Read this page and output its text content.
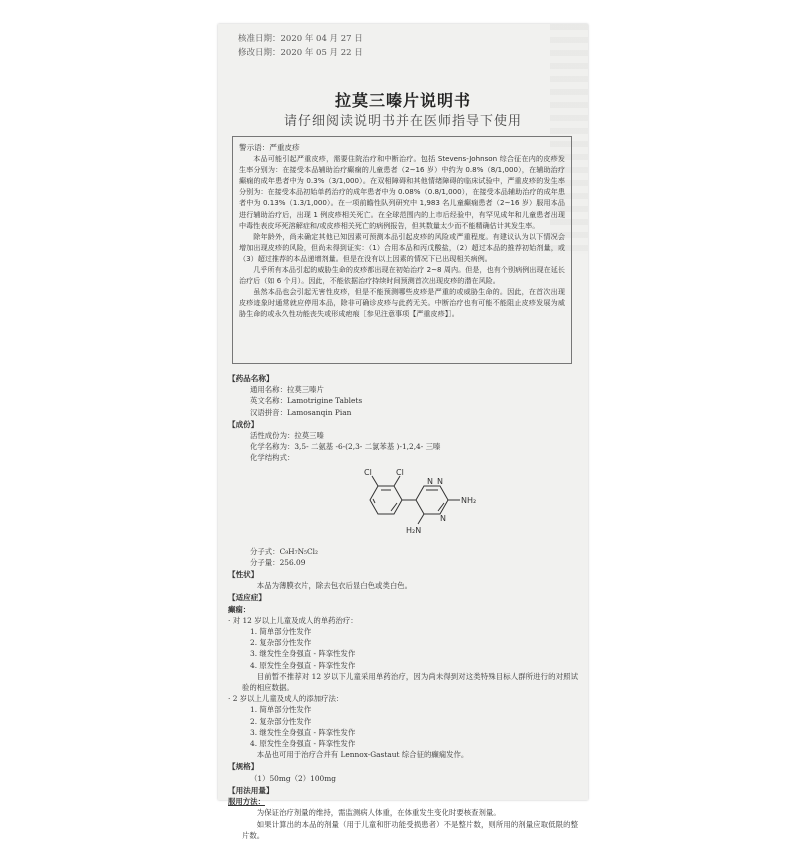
核准日期：2020 年 04 月 27 日
修改日期：2020 年 05 月 22 日
拉莫三嗪片说明书
请仔细阅读说明书并在医师指导下使用
警示语：严重皮疹

本品可能引起严重皮疹，需要住院治疗和中断治疗。包括 Stevens-Johnson 综合征在内的皮疹发生率分别为：在接受本品辅助治疗癫痫的儿童患者（2~16 岁）中约为 0.8%（8/1,000），在辅助治疗癫痫的成年患者中为 0.3%（3/1,000）。在双相障碍和其他情绪障碍的临床试验中，严重皮疹的发生率分别为：在接受本品初始单药治疗的成年患者中为 0.08%（0.8/1,000），在接受本品辅助治疗的成年患者中为 0.13%（1.3/1,000）。在一项前瞻性队列研究中 1,983 名儿童癫痫患者（2~16 岁）服用本品进行辅助治疗后，出现 1 例皮疹相关死亡。在全球范围内的上市后经验中，有罕见成年和儿童患者出现中毒性表皮坏死溶解症和/或皮疹相关死亡的病例报告，但其数量太少而不能精确估计其发生率。

除年龄外，尚未确定其他已知因素可预测本品引起皮疹的风险或严重程度。有建议认为以下情况会增加出现皮疹的风险，但尚未得到证实：（1）合用本品和丙戊酸盐，（2）超过本品的推荐初始剂量，或（3）超过推荐的本品递增剂量。但是在没有以上因素的情况下已出现相关病例。

几乎所有本品引起的威胁生命的皮疹都出现在初始治疗 2~8 周内。但是，也有个别病例出现在延长治疗后（如 6 个月）。因此，不能依据治疗持续时间预测首次出现皮疹的潜在风险。

虽然本品也会引起无害性皮疹，但是不能预测哪些皮疹是严重的或威胁生命的。因此，在首次出现皮疹迹象时通常就应停用本品，除非可确诊皮疹与此药无关。中断治疗也有可能不能阻止皮疹发展为威胁生命的或永久性功能丧失或形成疤痕［参见注意事项【严重皮疹】］。

【药品名称】
通用名称：拉莫三嗪片
英文名称：Lamotrigine Tablets
汉语拼音：Lamosanqin Pian
【成份】
活性成份为：拉莫三嗪
化学名称为：3,5- 二氨基 -6-(2,3- 二氯苯基 )-1,2,4- 三嗪
化学结构式：
Cl	Cl
N N
N
NH₂
H₂N
分子式：C₉H₇N₅Cl₂
分子量：256.09
【性状】
本品为薄膜衣片，除去包衣后显白色或类白色。
【适应症】
癫痫：
· 对 12 岁以上儿童及成人的单药治疗：
1. 简单部分性发作
2. 复杂部分性发作
3. 继发性全身强直 - 阵挛性发作
4. 原发性全身强直 - 阵挛性发作
目前暂不推荐对 12 岁以下儿童采用单药治疗，因为尚未得到对这类特殊目标人群所进行的对照试验的相应数据。
· 2 岁以上儿童及成人的添加疗法：
1. 简单部分性发作
2. 复杂部分性发作
3. 继发性全身强直 - 阵挛性发作
4. 原发性全身强直 - 阵挛性发作
本品也可用于治疗合并有 Lennox-Gastaut 综合征的癫痫发作。
【规格】
（1）50mg（2）100mg
【用法用量】
服用方法：
为保证治疗剂量的维持，需监测病人体重，在体重发生变化时要核查剂量。
如果计算出的本品的剂量（用于儿童和肝功能受损患者）不是整片数，则所用的剂量应取低限的整片数。
